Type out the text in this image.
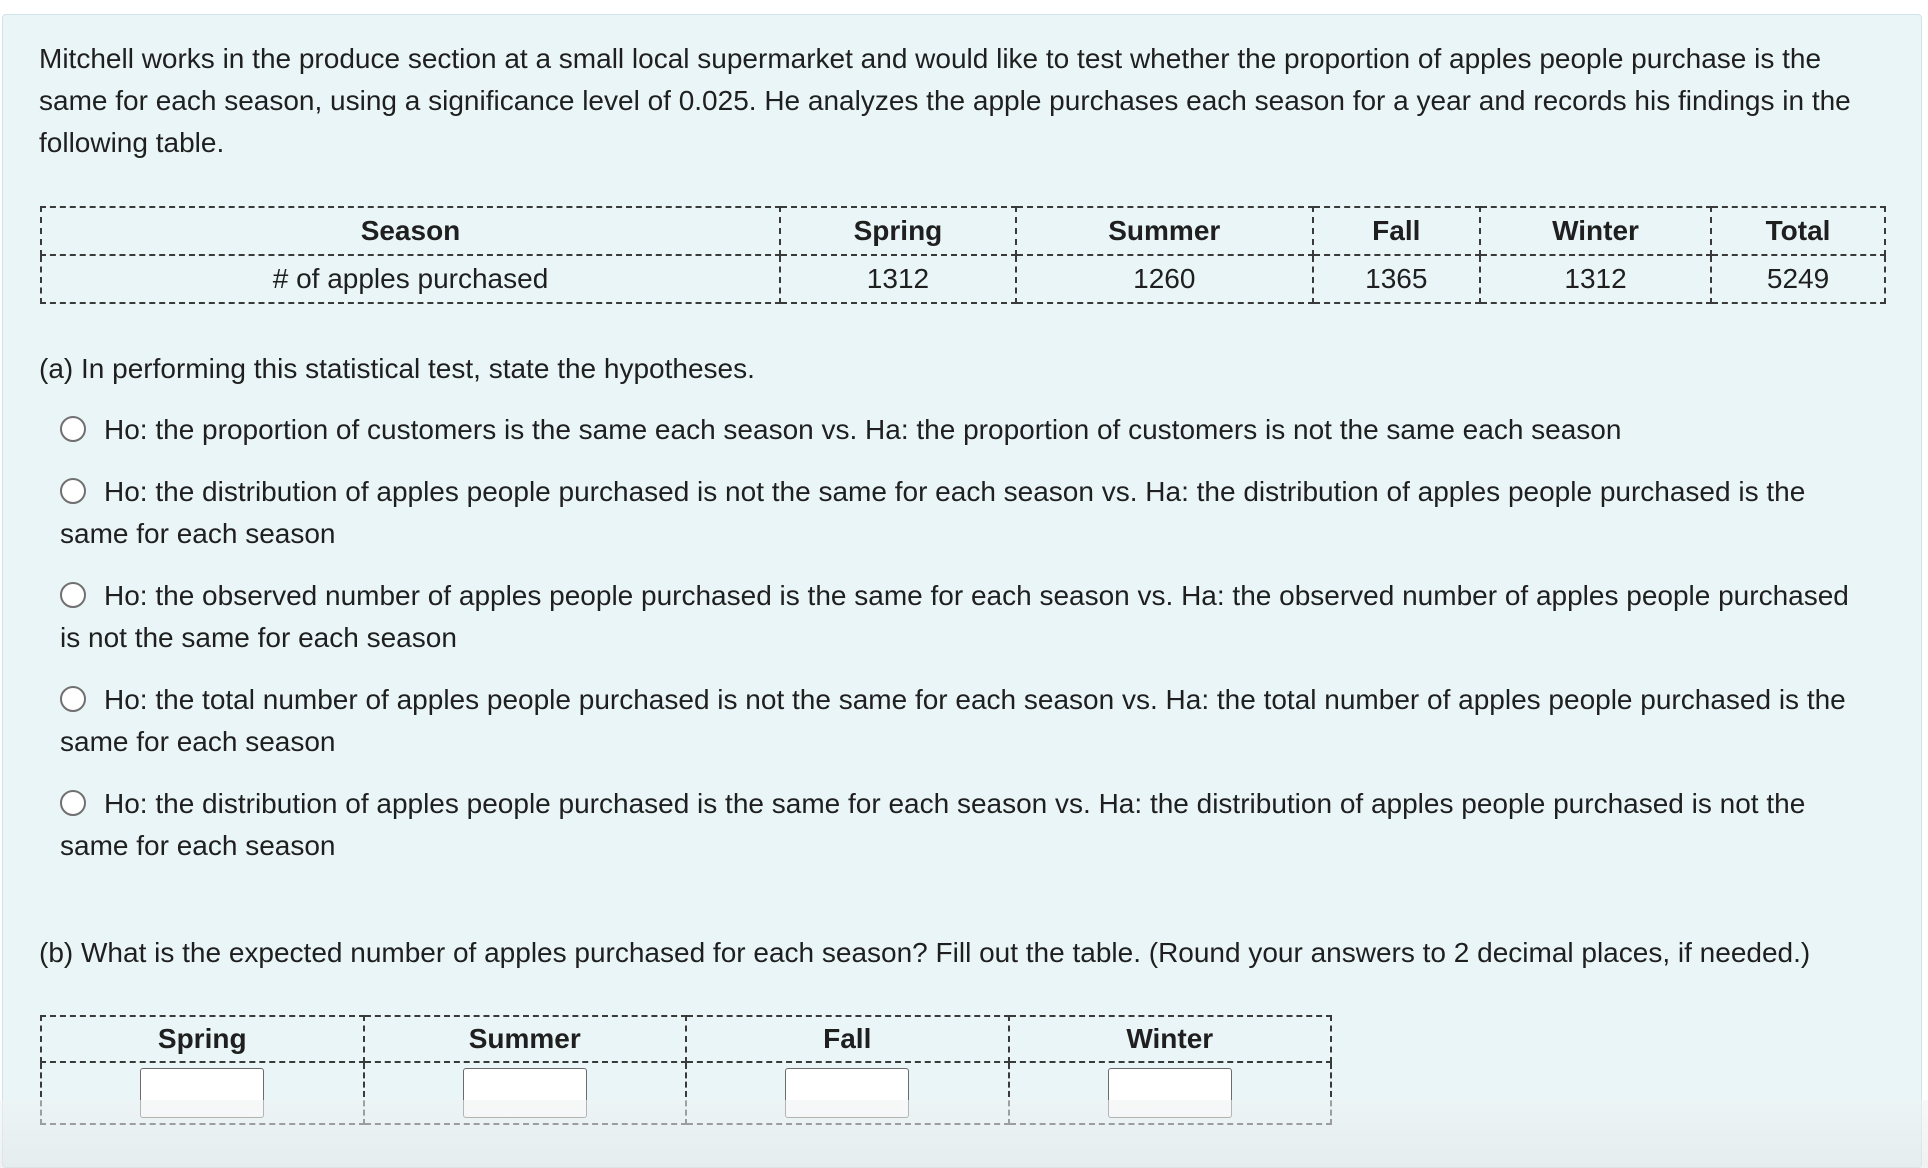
Mitchell works in the produce section at a small local supermarket and would like to test whether the proportion of apples people purchase is the same for each season, using a significance level of 0.025. He analyzes the apple purchases each season for a year and records his findings in the following table.
Season	Spring	Summer	Fall	Winter	Total
# of apples purchased	1312	1260	1365	1312	5249
(a) In performing this statistical test, state the hypotheses.
Ho: the proportion of customers is the same each season vs. Ha: the proportion of customers is not the same each season
Ho: the distribution of apples people purchased is not the same for each season vs. Ha: the distribution of apples people purchased is the same for each season
Ho: the observed number of apples people purchased is the same for each season vs. Ha: the observed number of apples people purchased is not the same for each season
Ho: the total number of apples people purchased is not the same for each season vs. Ha: the total number of apples people purchased is the same for each season
Ho: the distribution of apples people purchased is the same for each season vs. Ha: the distribution of apples people purchased is not the same for each season
(b) What is the expected number of apples purchased for each season? Fill out the table. (Round your answers to 2 decimal places, if needed.)
Spring	Summer	Fall	Winter
